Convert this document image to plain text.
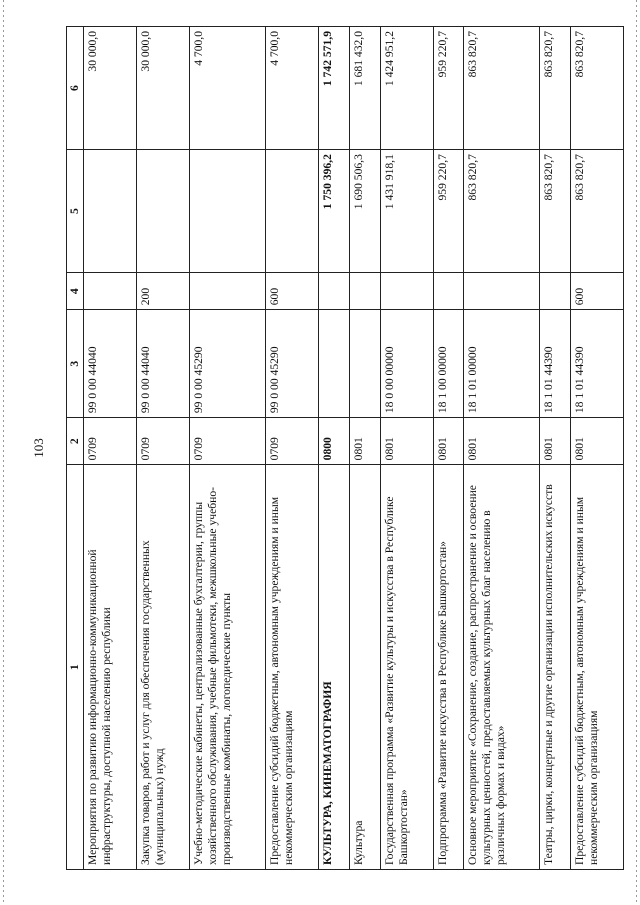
103
1	2	3	4	5	6
Мероприятия по развитию информационно-коммуникационной инфраструктуры, доступной населению республики	0709	99 0 00 44040			30 000,0
Закупка товаров, работ и услуг для обеспечения государственных (муниципальных) нужд	0709	99 0 00 44040	200		30 000,0
Учебно-методические кабинеты, централизованные бухгалтерии, группы хозяйственного обслуживания, учебные фильмотеки, межшкольные учебно-производственные комбинаты, логопедические пункты	0709	99 0 00 45290			4 700,0
Предоставление субсидий бюджетным, автономным учреждениям и иным некоммерческим организациям	0709	99 0 00 45290	600		4 700,0
КУЛЬТУРА, КИНЕМАТОГРАФИЯ	0800			1 750 396,2	1 742 571,9
Культура	0801			1 690 506,3	1 681 432,0
Государственная программа «Развитие культуры и искусства в Республике Башкортостан»	0801	18 0 00 00000		1 431 918,1	1 424 951,2
Подпрограмма «Развитие искусства в Республике Башкортостан»	0801	18 1 00 00000		959 220,7	959 220,7
Основное мероприятие «Сохранение, создание, распространение и освоение культурных ценностей, предоставляемых культурных благ населению в различных формах и видах»	0801	18 1 01 00000		863 820,7	863 820,7
Театры, цирки, концертные и другие организации исполнительских искусств	0801	18 1 01 44390		863 820,7	863 820,7
Предоставление субсидий бюджетным, автономным учреждениям и иным некоммерческим организациям	0801	18 1 01 44390	600	863 820,7	863 820,7
